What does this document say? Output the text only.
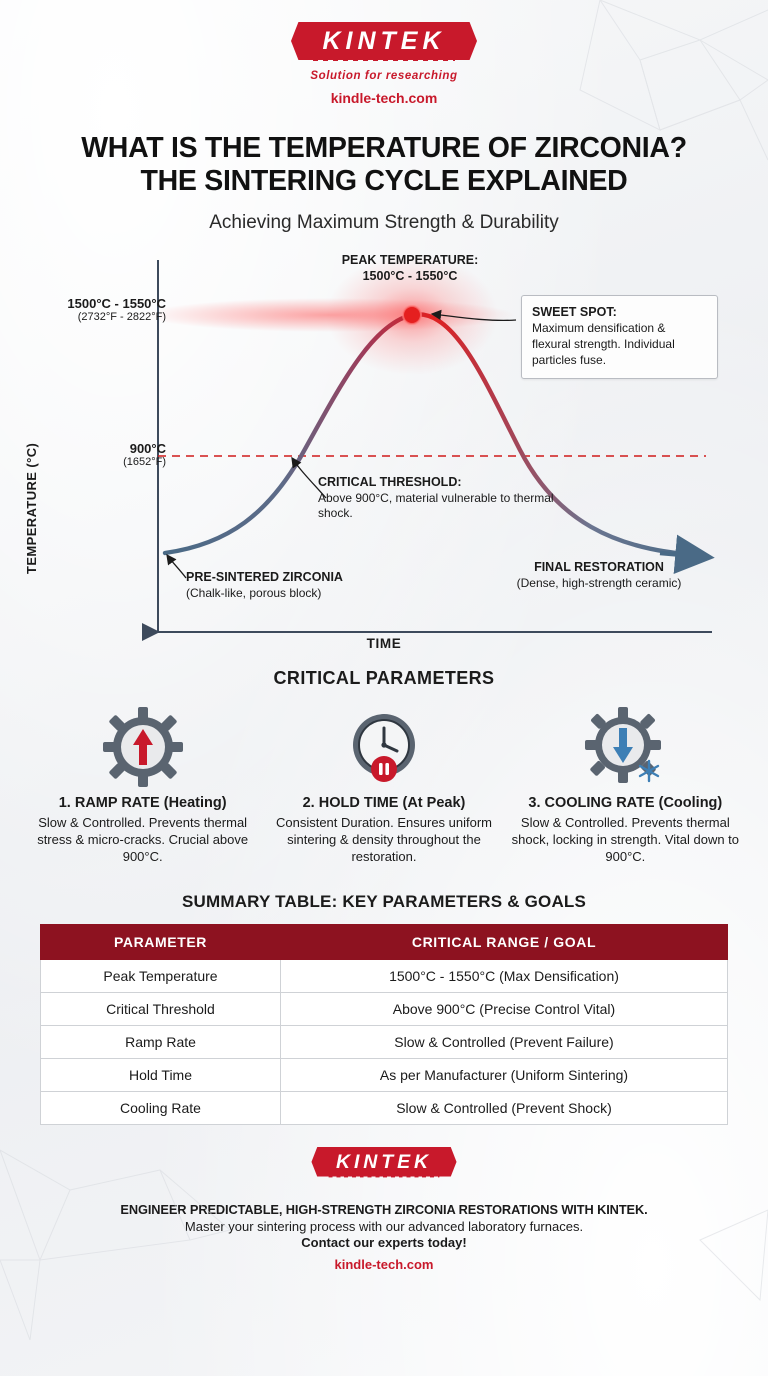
KINTEK
Solution for researching
kindle-tech.com
WHAT IS THE TEMPERATURE OF ZIRCONIA?
THE SINTERING CYCLE EXPLAINED
Achieving Maximum Strength & Durability
TEMPERATURE (°C)
TIME
1500°C - 1550°C
(2732°F - 2822°F)
900°C
(1652°F)
PEAK TEMPERATURE:
1500°C - 1550°C
SWEET SPOT:
Maximum densification & flexural strength. Individual particles fuse.
CRITICAL THRESHOLD:
Above 900°C, material vulnerable to thermal shock.
PRE-SINTERED ZIRCONIA
(Chalk-like, porous block)
FINAL RESTORATION
(Dense, high-strength ceramic)
CRITICAL PARAMETERS
1. RAMP RATE (Heating)
Slow & Controlled. Prevents thermal stress & micro-cracks. Crucial above 900°C.
2. HOLD TIME (At Peak)
Consistent Duration. Ensures uniform sintering & density throughout the restoration.
3. COOLING RATE (Cooling)
Slow & Controlled. Prevents thermal shock, locking in strength. Vital down to 900°C.
SUMMARY TABLE: KEY PARAMETERS & GOALS
PARAMETER	CRITICAL RANGE / GOAL
Peak Temperature	1500°C - 1550°C (Max Densification)
Critical Threshold	Above 900°C (Precise Control Vital)
Ramp Rate	Slow & Controlled (Prevent Failure)
Hold Time	As per Manufacturer (Uniform Sintering)
Cooling Rate	Slow & Controlled (Prevent Shock)
KINTEK
ENGINEER PREDICTABLE, HIGH-STRENGTH ZIRCONIA RESTORATIONS WITH KINTEK.
Master your sintering process with our advanced laboratory furnaces.
Contact our experts today!
kindle-tech.com
